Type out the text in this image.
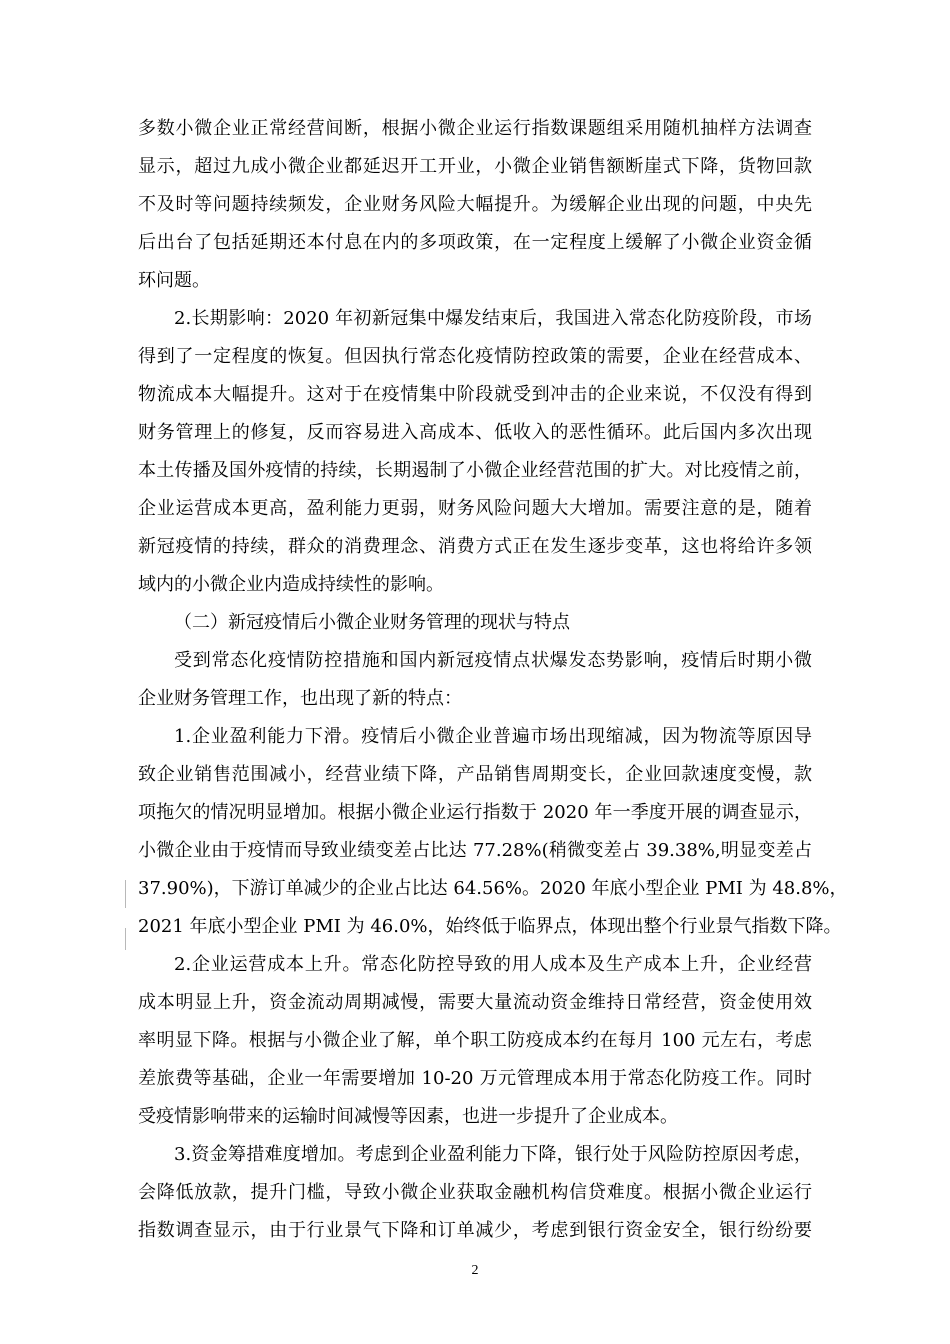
多数小微企业正常经营间断，根据小微企业运行指数课题组采用随机抽样方法调查
显示，超过九成小微企业都延迟开工开业，小微企业销售额断崖式下降，货物回款
不及时等问题持续频发，企业财务风险大幅提升。为缓解企业出现的问题，中央先
后出台了包括延期还本付息在内的多项政策，在一定程度上缓解了小微企业资金循
环问题。
2.长期影响：2020 年初新冠集中爆发结束后，我国进入常态化防疫阶段，市场
得到了一定程度的恢复。但因执行常态化疫情防控政策的需要，企业在经营成本、
物流成本大幅提升。这对于在疫情集中阶段就受到冲击的企业来说，不仅没有得到
财务管理上的修复，反而容易进入高成本、低收入的恶性循环。此后国内多次出现
本土传播及国外疫情的持续，长期遏制了小微企业经营范围的扩大。对比疫情之前，
企业运营成本更高，盈利能力更弱，财务风险问题大大增加。需要注意的是，随着
新冠疫情的持续，群众的消费理念、消费方式正在发生逐步变革，这也将给许多领
域内的小微企业内造成持续性的影响。
（二）新冠疫情后小微企业财务管理的现状与特点
受到常态化疫情防控措施和国内新冠疫情点状爆发态势影响，疫情后时期小微
企业财务管理工作，也出现了新的特点：
1.企业盈利能力下滑。疫情后小微企业普遍市场出现缩减，因为物流等原因导
致企业销售范围减小，经营业绩下降，产品销售周期变长，企业回款速度变慢，款
项拖欠的情况明显增加。根据小微企业运行指数于 2020 年一季度开展的调查显示，
小微企业由于疫情而导致业绩变差占比达 77.28%(稍微变差占 39.38%,明显变差占
37.90%)，下游订单减少的企业占比达 64.56%。2020 年底小型企业 PMI 为 48.8%，
2021 年底小型企业 PMI 为 46.0%，始终低于临界点，体现出整个行业景气指数下降。
2.企业运营成本上升。常态化防控导致的用人成本及生产成本上升，企业经营
成本明显上升，资金流动周期减慢，需要大量流动资金维持日常经营，资金使用效
率明显下降。根据与小微企业了解，单个职工防疫成本约在每月 100 元左右，考虑
差旅费等基础，企业一年需要增加 10-20 万元管理成本用于常态化防疫工作。同时
受疫情影响带来的运输时间减慢等因素，也进一步提升了企业成本。
3.资金筹措难度增加。考虑到企业盈利能力下降，银行处于风险防控原因考虑，
会降低放款，提升门槛，导致小微企业获取金融机构信贷难度。根据小微企业运行
指数调查显示，由于行业景气下降和订单减少，考虑到银行资金安全，银行纷纷要
2
